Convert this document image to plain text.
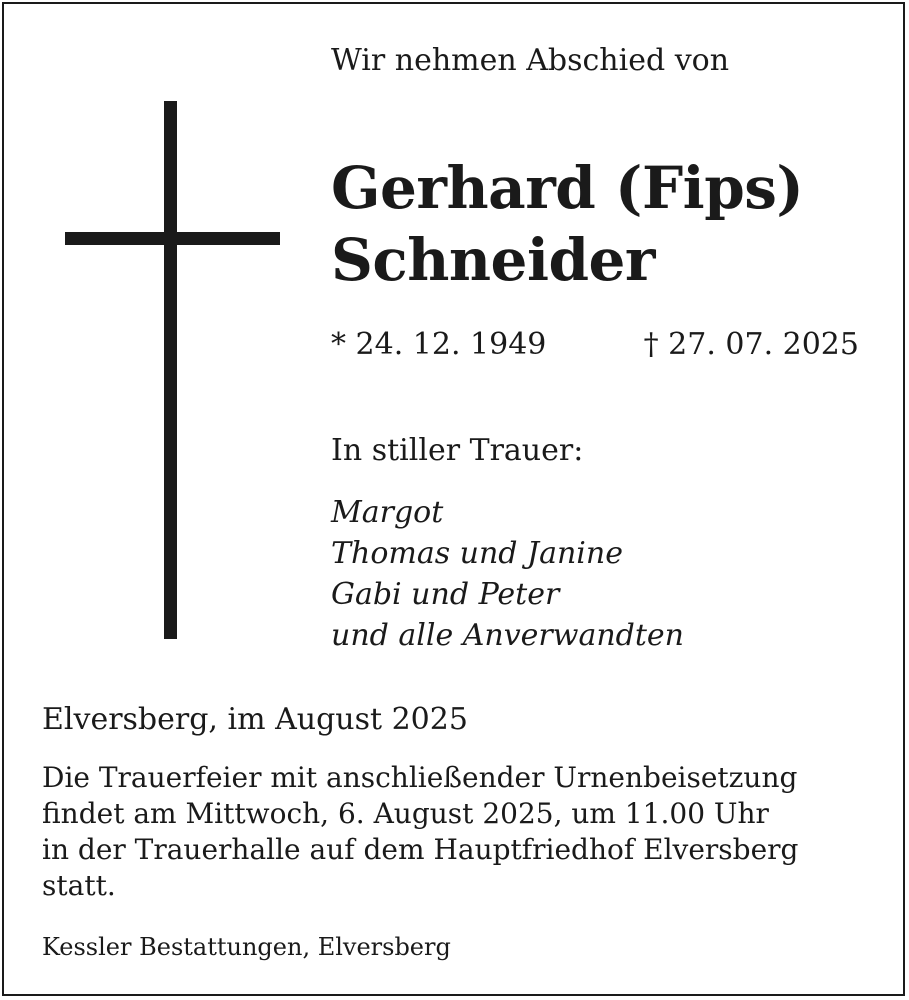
Wir nehmen Abschied von

Gerhard (Fips)
Schneider

* 24. 12. 1949	† 27. 07. 2025

In stiller Trauer:

Margot
Thomas und Janine
Gabi und Peter
und alle Anverwandten

Elversberg, im August 2025

Die Trauerfeier mit anschließender Urnenbeisetzung
findet am Mittwoch, 6. August 2025, um 11.00 Uhr
in der Trauerhalle auf dem Hauptfriedhof Elversberg
statt.

Kessler Bestattungen, Elversberg
